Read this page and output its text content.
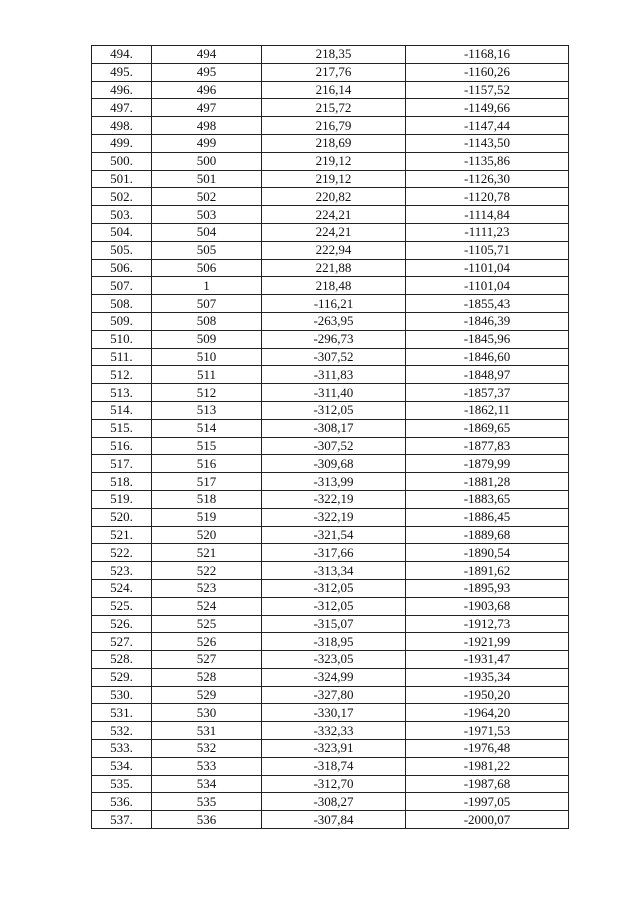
494.	494	218,35	-1168,16
495.	495	217,76	-1160,26
496.	496	216,14	-1157,52
497.	497	215,72	-1149,66
498.	498	216,79	-1147,44
499.	499	218,69	-1143,50
500.	500	219,12	-1135,86
501.	501	219,12	-1126,30
502.	502	220,82	-1120,78
503.	503	224,21	-1114,84
504.	504	224,21	-1111,23
505.	505	222,94	-1105,71
506.	506	221,88	-1101,04
507.	1	218,48	-1101,04
508.	507	-116,21	-1855,43
509.	508	-263,95	-1846,39
510.	509	-296,73	-1845,96
511.	510	-307,52	-1846,60
512.	511	-311,83	-1848,97
513.	512	-311,40	-1857,37
514.	513	-312,05	-1862,11
515.	514	-308,17	-1869,65
516.	515	-307,52	-1877,83
517.	516	-309,68	-1879,99
518.	517	-313,99	-1881,28
519.	518	-322,19	-1883,65
520.	519	-322,19	-1886,45
521.	520	-321,54	-1889,68
522.	521	-317,66	-1890,54
523.	522	-313,34	-1891,62
524.	523	-312,05	-1895,93
525.	524	-312,05	-1903,68
526.	525	-315,07	-1912,73
527.	526	-318,95	-1921,99
528.	527	-323,05	-1931,47
529.	528	-324,99	-1935,34
530.	529	-327,80	-1950,20
531.	530	-330,17	-1964,20
532.	531	-332,33	-1971,53
533.	532	-323,91	-1976,48
534.	533	-318,74	-1981,22
535.	534	-312,70	-1987,68
536.	535	-308,27	-1997,05
537.	536	-307,84	-2000,07
